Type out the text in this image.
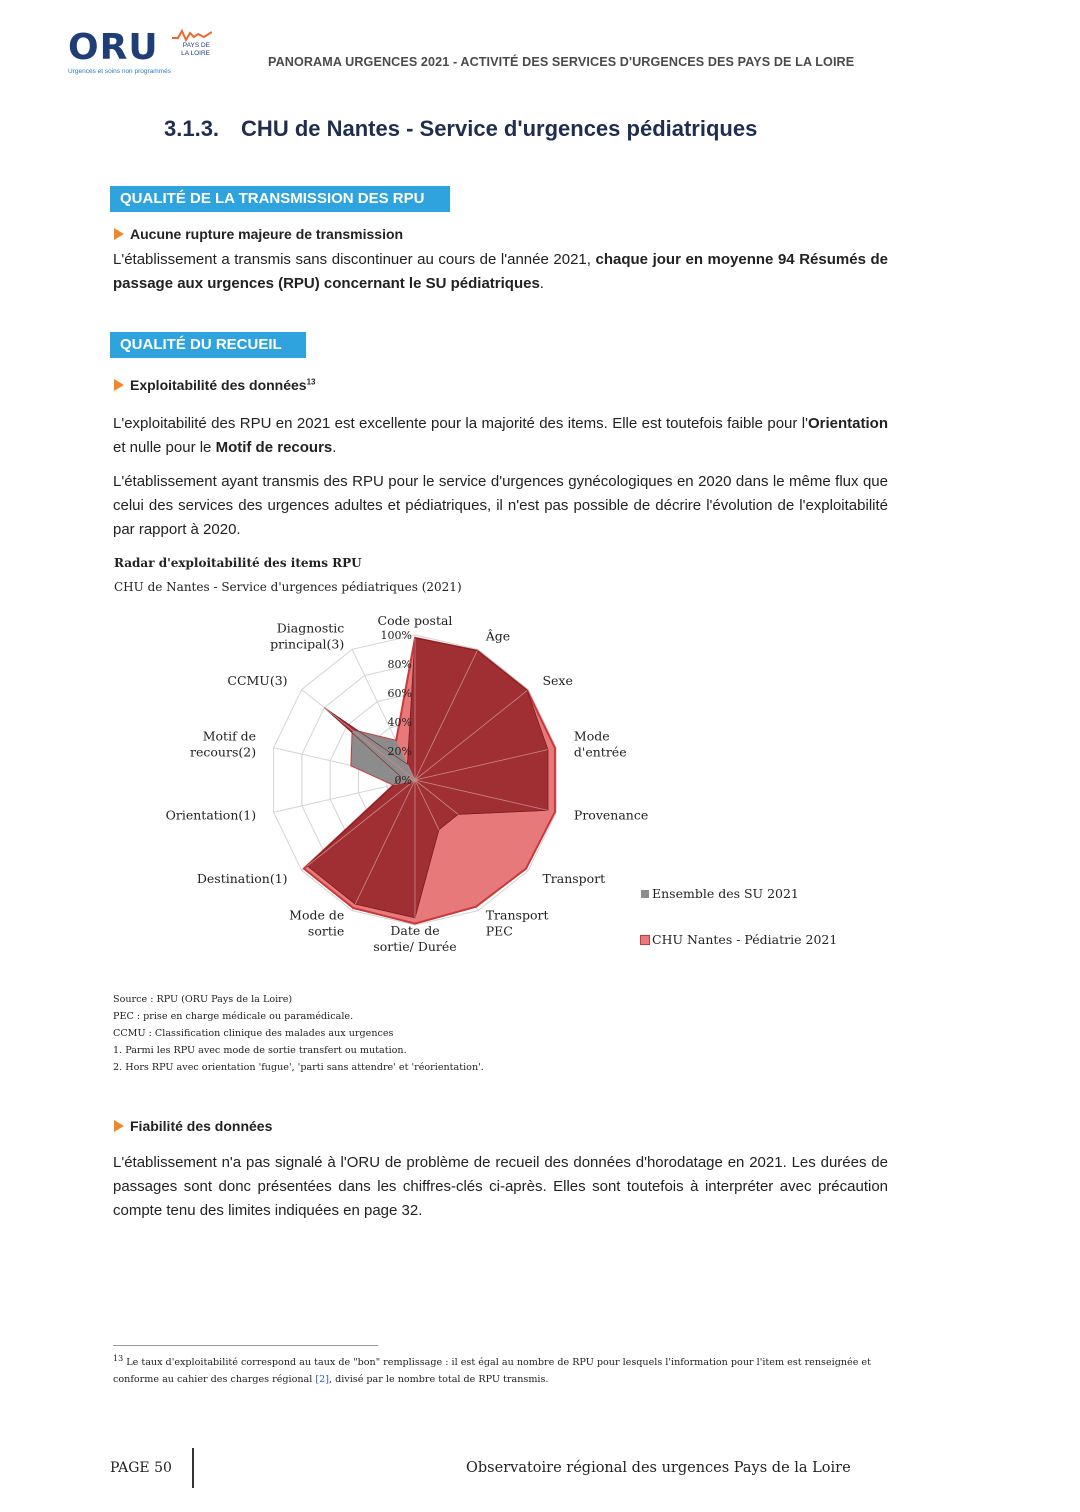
ORU	PAYS DE
LA LOIRE
Urgences et soins non programmés
PANORAMA URGENCES 2021 - ACTIVITÉ DES SERVICES D'URGENCES DES PAYS DE LA LOIRE
3.1.3. CHU de Nantes - Service d'urgences pédiatriques
QUALITÉ DE LA TRANSMISSION DES RPU
Aucune rupture majeure de transmission
L'établissement a transmis sans discontinuer au cours de l'année 2021, chaque jour en moyenne 94 Résumés de passage aux urgences (RPU) concernant le SU pédiatriques.
QUALITÉ DU RECUEIL
Exploitabilité des données$^{13}$
L'exploitabilité des RPU en 2021 est excellente pour la majorité des items. Elle est toutefois faible pour l'Orientation et nulle pour le Motif de recours.
L'établissement ayant transmis des RPU pour le service d'urgences gynécologiques en 2020 dans le même flux que celui des services des urgences adultes et pédiatriques, il n'est pas possible de décrire l'évolution de l'exploitabilité par rapport à 2020.
Radar d'exploitabilité des items RPU
CHU de Nantes - Service d'urgences pédiatriques (2021)
0%
20%
40%
60%
80%
100%
Code postal
Âge
Sexe
Mode
d'entrée
Provenance
Transport
Transport
PEC
Date de
sortie/ Durée
Mode de
sortie
Destination(1)
Orientation(1)
Motif de
recours(2)
CCMU(3)
Diagnostic
principal(3)
Ensemble des SU 2021
CHU Nantes - Pédiatrie 2021
Source : RPU (ORU Pays de la Loire)
PEC : prise en charge médicale ou paramédicale.
CCMU : Classification clinique des malades aux urgences
1. Parmi les RPU avec mode de sortie transfert ou mutation.
2. Hors RPU avec orientation 'fugue', 'parti sans attendre' et 'réorientation'.
Fiabilité des données
L'établissement n'a pas signalé à l'ORU de problème de recueil des données d'horodatage en 2021. Les durées de passages sont donc présentées dans les chiffres-clés ci-après. Elles sont toutefois à interpréter avec précaution compte tenu des limites indiquées en page 32.
$^{13}$ Le taux d'exploitabilité correspond au taux de "bon" remplissage : il est égal au nombre de RPU pour lesquels l'information pour l'item est renseignée et conforme au cahier des charges régional [2], divisé par le nombre total de RPU transmis.
PAGE 50	Observatoire régional des urgences Pays de la Loire
